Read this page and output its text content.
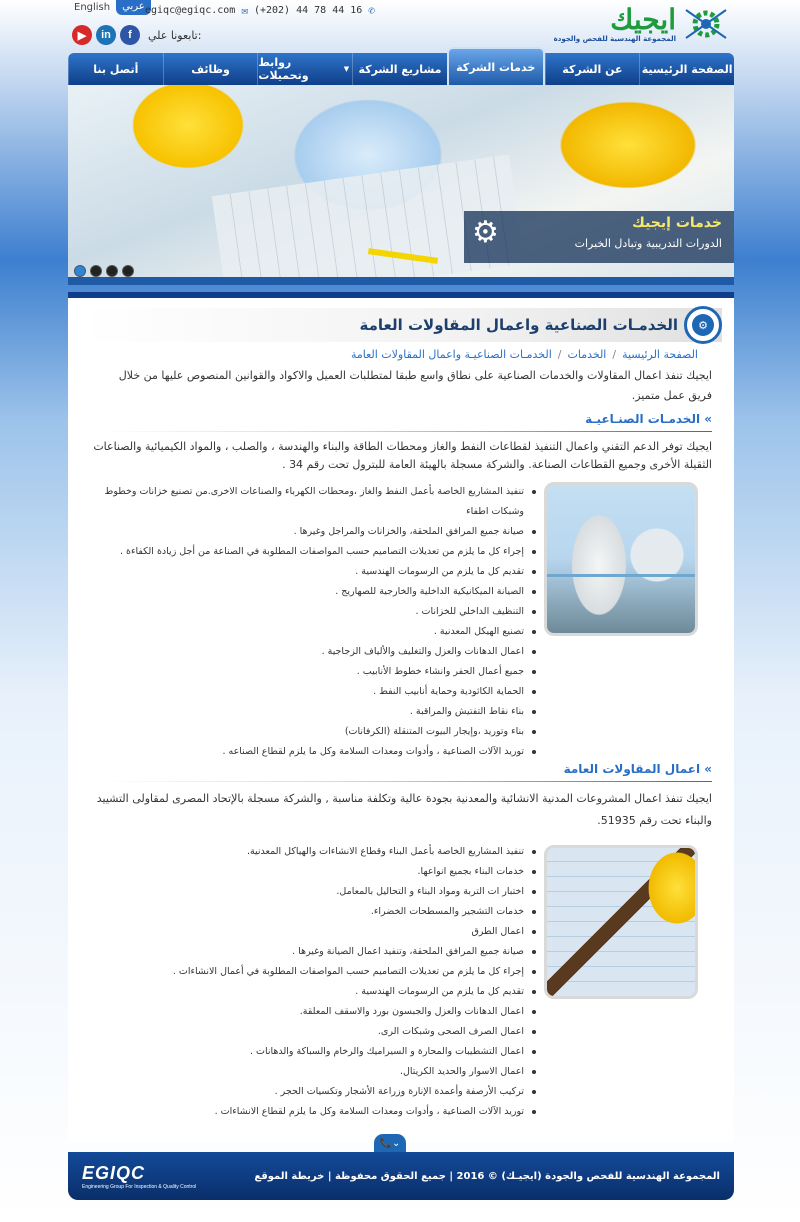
English	عربي egiqc@egiqc.com ✉ (+202) 44 78 44 16 ✆
▶	in	f	تابعونا علي:	ايجيك
المجموعة الهندسية للفحص والجودة
الصفحة الرئيسية
عن الشركة
خدمات الشركة
مشاريع الشركة
روابط وتحميلات	▼
وظائف
أتصل بنا
⚙	خدمات إيجيك
الدورات التدريبية وتبادل الخبرات
⚙
الخدمـات الصناعية واعمال المقاولات العامة
الصفحة الرئيسية
/
الخدمات
/
الخدمـات الصناعيـة واعمال المقاولات العامة

ايجيك تنفذ اعمال المقاولات والخدمات الصناعية على نطاق واسع طبقا لمتطلبات العميل والاكواد والقوانين المنصوص عليها من خلال فريق عمل متميز.

» الخدمـات الصنـاعيـة

ايجيك توفر الدعم التقني واعمال التنفيذ لقطاعات النفط والغاز ومحطات الطاقة والبناء والهندسة ، والصلب ، والمواد الكيميائية والصناعات الثقيلة الأخرى وجميع القطاعات الصناعة. والشركة مسجلة بالهيئة العامة للبترول تحت رقم 34 .

تنفيذ المشاريع الخاصة بأعمل النفط والغاز ،ومحطات الكهرباء والصناعات الاخرى.من تصنيع خزانات وخطوط وشبكات اطفاء
صيانة جميع المرافق الملحقة، والخزانات والمراجل وغيرها .
إجراء كل ما يلزم من تعديلات التصاميم حسب المواصفات المطلوبة في الصناعة من أجل زيادة الكفاءة .
تقديم كل ما يلزم من الرسومات الهندسية .
الصيانة الميكانيكية الداخلية والخارجية للصهاريج .
التنظيف الداخلي للخزانات .
تصنيع الهيكل المعدنية .
اعمال الدهانات والعزل والتغليف والألياف الزجاجية .
جميع أعمال الحفر وانشاء خطوط الأنابيب .
الحماية الكاثودية وحماية أنابيب النفط .
بناء نقاط التفتيش والمراقبة .
بناء وتوريد ،وإيجار البيوت المتنقلة (الكرفانات)
توريد الآلات الصناعية ، وأدوات ومعدات السلامة وكل ما يلزم لقطاع الصناعه .
» اعمال المقاولات العامة

ايجيك تنفذ اعمال المشروعات المدنية الانشائية والمعدنية بجودة عالية وتكلفة مناسبة , والشركة مسجلة بالإتحاد المصرى لمقاولى التشييد والبناء تحت رقم 51935.

تنفيذ المشاريع الخاصة بأعمل البناء وقطاع الانشاءات والهياكل المعدنية.
خدمات البناء بجميع انواعها.
اختبار ات التربة ومواد البناء و التحاليل بالمعامل.
خدمات التشجير والمسطحات الخضراء.
اعمال الطرق
صيانة جميع المرافق الملحقة، وتنفيد اعمال الصيانة وغيرها .
إجراء كل ما يلزم من تعديلات التصاميم حسب المواصفات المطلوبة في أعمال الانشاءات .
تقديم كل ما يلزم من الرسومات الهندسية .
اعمال الدهانات والعزل والجبسون بورد والاسقف المعلقة.
اعمال الصرف الصحى وشبكات الرى.
اعمال التشطيبات والمحارة و السيراميك والرخام والسباكة والدهانات .
اعمال الاسوار والحديد الكريتال.
تركيب الأرصفة وأعمدة الإنارة وزراعة الأشجار وتكسيات الحجر .
توريد الآلات الصناعية ، وأدوات ومعدات السلامة وكل ما يلزم لقطاع الانشاءات .
📞⌄
EGIQC
Engineering Group For Inspection & Quality Control
المجموعة الهندسية للفحص والجودة (ايجيـك) © 2016 | جميع الحقوق محفوظة | خريطة الموقع
